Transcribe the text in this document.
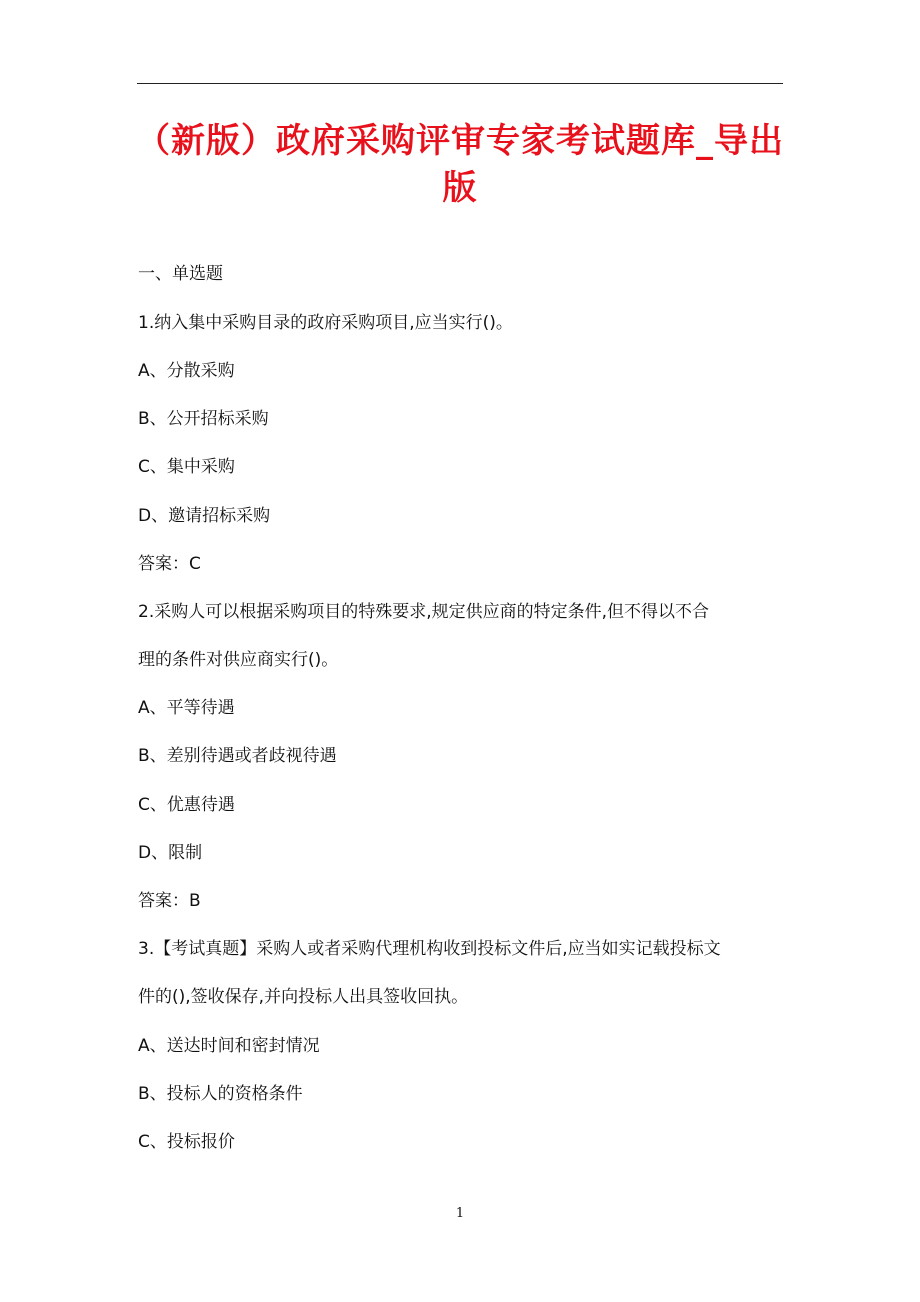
（新版）政府采购评审专家考试题库_导出
版
一、单选题
1.纳入集中采购目录的政府采购项目,应当实行()。
A、分散采购
B、公开招标采购
C、集中采购
D、邀请招标采购
答案：C
2.采购人可以根据采购项目的特殊要求,规定供应商的特定条件,但不得以不合
理的条件对供应商实行()。
A、平等待遇
B、差别待遇或者歧视待遇
C、优惠待遇
D、限制
答案：B
3.【考试真题】采购人或者采购代理机构收到投标文件后,应当如实记载投标文
件的(),签收保存,并向投标人出具签收回执。
A、送达时间和密封情况
B、投标人的资格条件
C、投标报价
1
